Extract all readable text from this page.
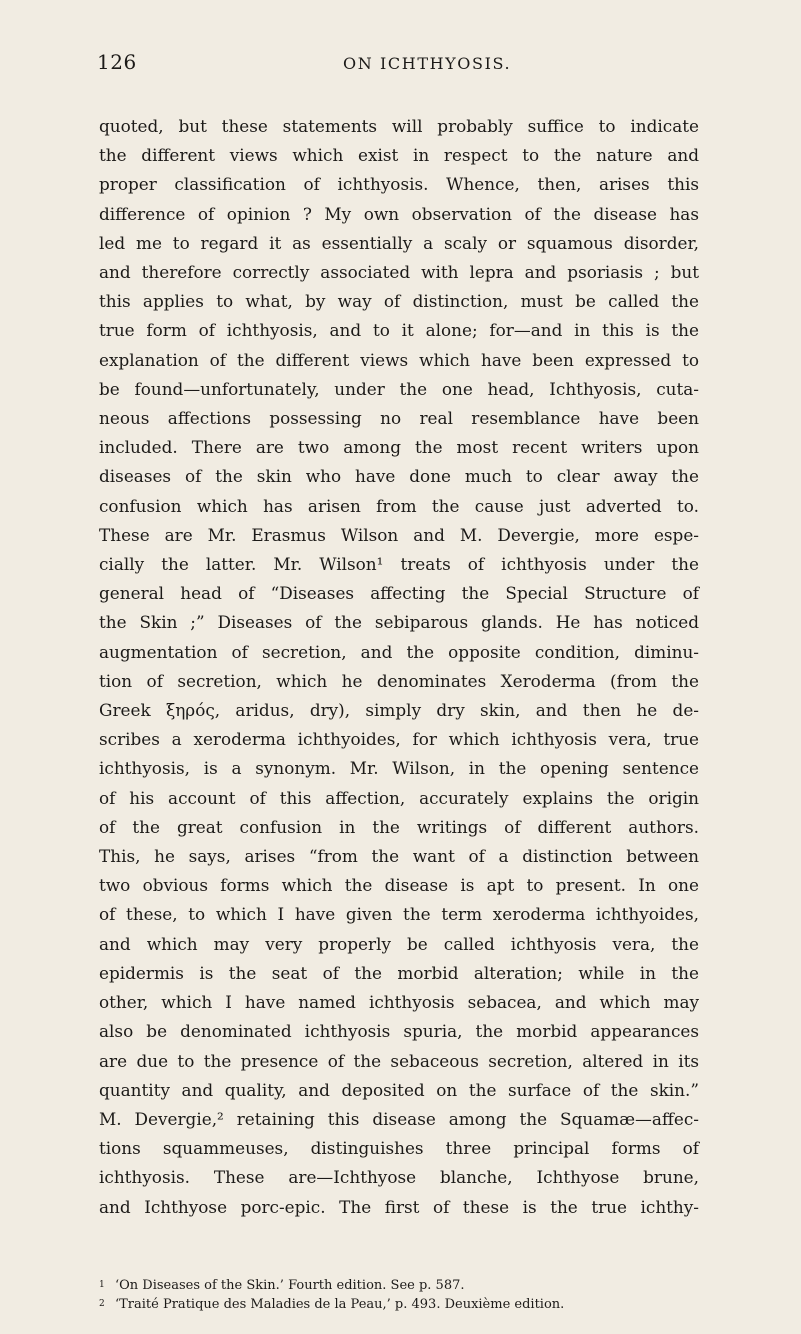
126	ON ICHTHYOSIS.
quoted, but these statements will probably suffice to indicate
the different views which exist in respect to the nature and
proper classification of ichthyosis. Whence, then, arises this
difference of opinion ? My own observation of the disease has
led me to regard it as essentially a scaly or squamous disorder,
and therefore correctly associated with lepra and psoriasis ; but
this applies to what, by way of distinction, must be called the
true form of ichthyosis, and to it alone; for—and in this is the
explanation of the different views which have been expressed to
be found—unfortunately, under the one head, Ichthyosis, cuta-
neous affections possessing no real resemblance have been
included. There are two among the most recent writers upon
diseases of the skin who have done much to clear away the
confusion which has arisen from the cause just adverted to.
These are Mr. Erasmus Wilson and M. Devergie, more espe-
cially the latter. Mr. Wilson¹ treats of ichthyosis under the
general head of “Diseases affecting the Special Structure of
the Skin ;” Diseases of the sebiparous glands. He has noticed
augmentation of secretion, and the opposite condition, diminu-
tion of secretion, which he denominates Xeroderma (from the
Greek ξηρός, aridus, dry), simply dry skin, and then he de-
scribes a xeroderma ichthyoides, for which ichthyosis vera, true
ichthyosis, is a synonym. Mr. Wilson, in the opening sentence
of his account of this affection, accurately explains the origin
of the great confusion in the writings of different authors.
This, he says, arises “from the want of a distinction between
two obvious forms which the disease is apt to present. In one
of these, to which I have given the term xeroderma ichthyoides,
and which may very properly be called ichthyosis vera, the
epidermis is the seat of the morbid alteration; while in the
other, which I have named ichthyosis sebacea, and which may
also be denominated ichthyosis spuria, the morbid appearances
are due to the presence of the sebaceous secretion, altered in its
quantity and quality, and deposited on the surface of the skin.”
M. Devergie,² retaining this disease among the Squamæ—affec-
tions squammeuses, distinguishes three principal forms of
ichthyosis. These are—Ichthyose blanche, Ichthyose brune,
and Ichthyose porc-epic. The first of these is the true ichthy-
1 ‘On Diseases of the Skin.’ Fourth edition. See p. 587.
2 ‘Traité Pratique des Maladies de la Peau,’ p. 493. Deuxième edition.
